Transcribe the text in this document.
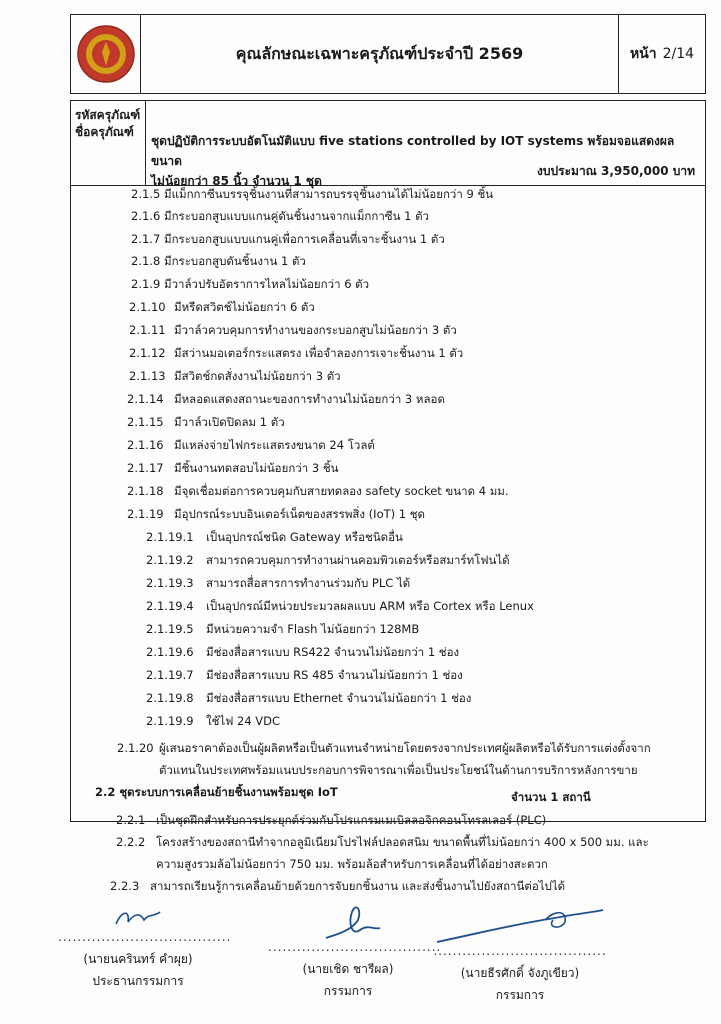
คุณลักษณะเฉพาะครุภัณฑ์ประจำปี 2569	หน้า 2/14
รหัสครุภัณฑ์
ชื่อครุภัณฑ์
ชุดปฏิบัติการระบบอัตโนมัติแบบ five stations controlled by IOT systems พร้อมจอแสดงผลขนาด
ไม่น้อยกว่า 85 นิ้ว จำนวน 1 ชุด
งบประมาณ 3,950,000 บาท
2.1.5 มีแม็กกาซีนบรรจุชิ้นงานที่สามารถบรรจุชิ้นงานได้ไม่น้อยกว่า 9 ชิ้น
2.1.6 มีกระบอกสูบแบบแกนคู่ดันชิ้นงานจากแม็กกาซีน 1 ตัว
2.1.7 มีกระบอกสูบแบบแกนคู่เพื่อการเคลื่อนที่เจาะชิ้นงาน 1 ตัว
2.1.8 มีกระบอกสูบดันชิ้นงาน 1 ตัว
2.1.9 มีวาล์วปรับอัตราการไหลไม่น้อยกว่า 6 ตัว
2.1.10 มีหรีดสวิตช์ไม่น้อยกว่า 6 ตัว
2.1.11 มีวาล์วควบคุมการทำงานของกระบอกสูบไม่น้อยกว่า 3 ตัว
2.1.12 มีสว่านมอเตอร์กระแสตรง เพื่อจำลองการเจาะชิ้นงาน 1 ตัว
2.1.13 มีสวิตช์กดสั่งงานไม่น้อยกว่า 3 ตัว
2.1.14 มีหลอดแสดงสถานะของการทำงานไม่น้อยกว่า 3 หลอด
2.1.15 มีวาล์วเปิดปิดลม 1 ตัว
2.1.16 มีแหล่งจ่ายไฟกระแสตรงขนาด 24 โวลต์
2.1.17 มีชิ้นงานทดสอบไม่น้อยกว่า 3 ชิ้น
2.1.18 มีจุดเชื่อมต่อการควบคุมกับสายทดลอง safety socket ขนาด 4 มม.
2.1.19 มีอุปกรณ์ระบบอินเตอร์เน็ตของสรรพสิ่ง (IoT) 1 ชุด
2.1.19.1 เป็นอุปกรณ์ชนิด Gateway หรือชนิดอื่น
2.1.19.2 สามารถควบคุมการทำงานผ่านคอมพิวเตอร์หรือสมาร์ทโฟนได้
2.1.19.3 สามารถสื่อสารการทำงานร่วมกับ PLC ได้
2.1.19.4 เป็นอุปกรณ์มีหน่วยประมวลผลแบบ ARM หรือ Cortex หรือ Lenux
2.1.19.5 มีหน่วยความจำ Flash ไม่น้อยกว่า 128MB
2.1.19.6 มีช่องสื่อสารแบบ RS422 จำนวนไม่น้อยกว่า 1 ช่อง
2.1.19.7 มีช่องสื่อสารแบบ RS 485 จำนวนไม่น้อยกว่า 1 ช่อง
2.1.19.8 มีช่องสื่อสารแบบ Ethernet จำนวนไม่น้อยกว่า 1 ช่อง
2.1.19.9 ใช้ไฟ 24 VDC
2.1.20 ผู้เสนอราคาต้องเป็นผู้ผลิตหรือเป็นตัวแทนจำหน่ายโดยตรงจากประเทศผู้ผลิตหรือได้รับการแต่งตั้งจาก
ตัวแทนในประเทศพร้อมแนบประกอบการพิจารณาเพื่อเป็นประโยชน์ในด้านการบริการหลังการขาย
2.2 ชุดระบบการเคลื่อนย้ายชิ้นงานพร้อมชุด IoT	จำนวน 1 สถานี
2.2.1 เป็นชุดฝึกสำหรับการประยุกต์ร่วมกับโปรแกรมเมเบิลลอจิกคอนโทรลเลอร์ (PLC)
2.2.2 โครงสร้างของสถานีทำจากอลูมิเนียมโปรไฟล์ปลอดสนิม ขนาดพื้นที่ไม่น้อยกว่า 400 x 500 มม. และ
ความสูงรวมล้อไม่น้อยกว่า 750 มม. พร้อมล้อสำหรับการเคลื่อนที่ได้อย่างสะดวก
2.2.3 สามารถเรียนรู้การเคลื่อนย้ายด้วยการจับยกชิ้นงาน และส่งชิ้นงานไปยังสถานีต่อไปได้
....................................
(นายนครินทร์ คำผุย)
ประธานกรรมการ
....................................
(นายเชิด ชารีผล)
กรรมการ
....................................
(นายธีรศักดิ์ จังภูเขียว)
กรรมการ
